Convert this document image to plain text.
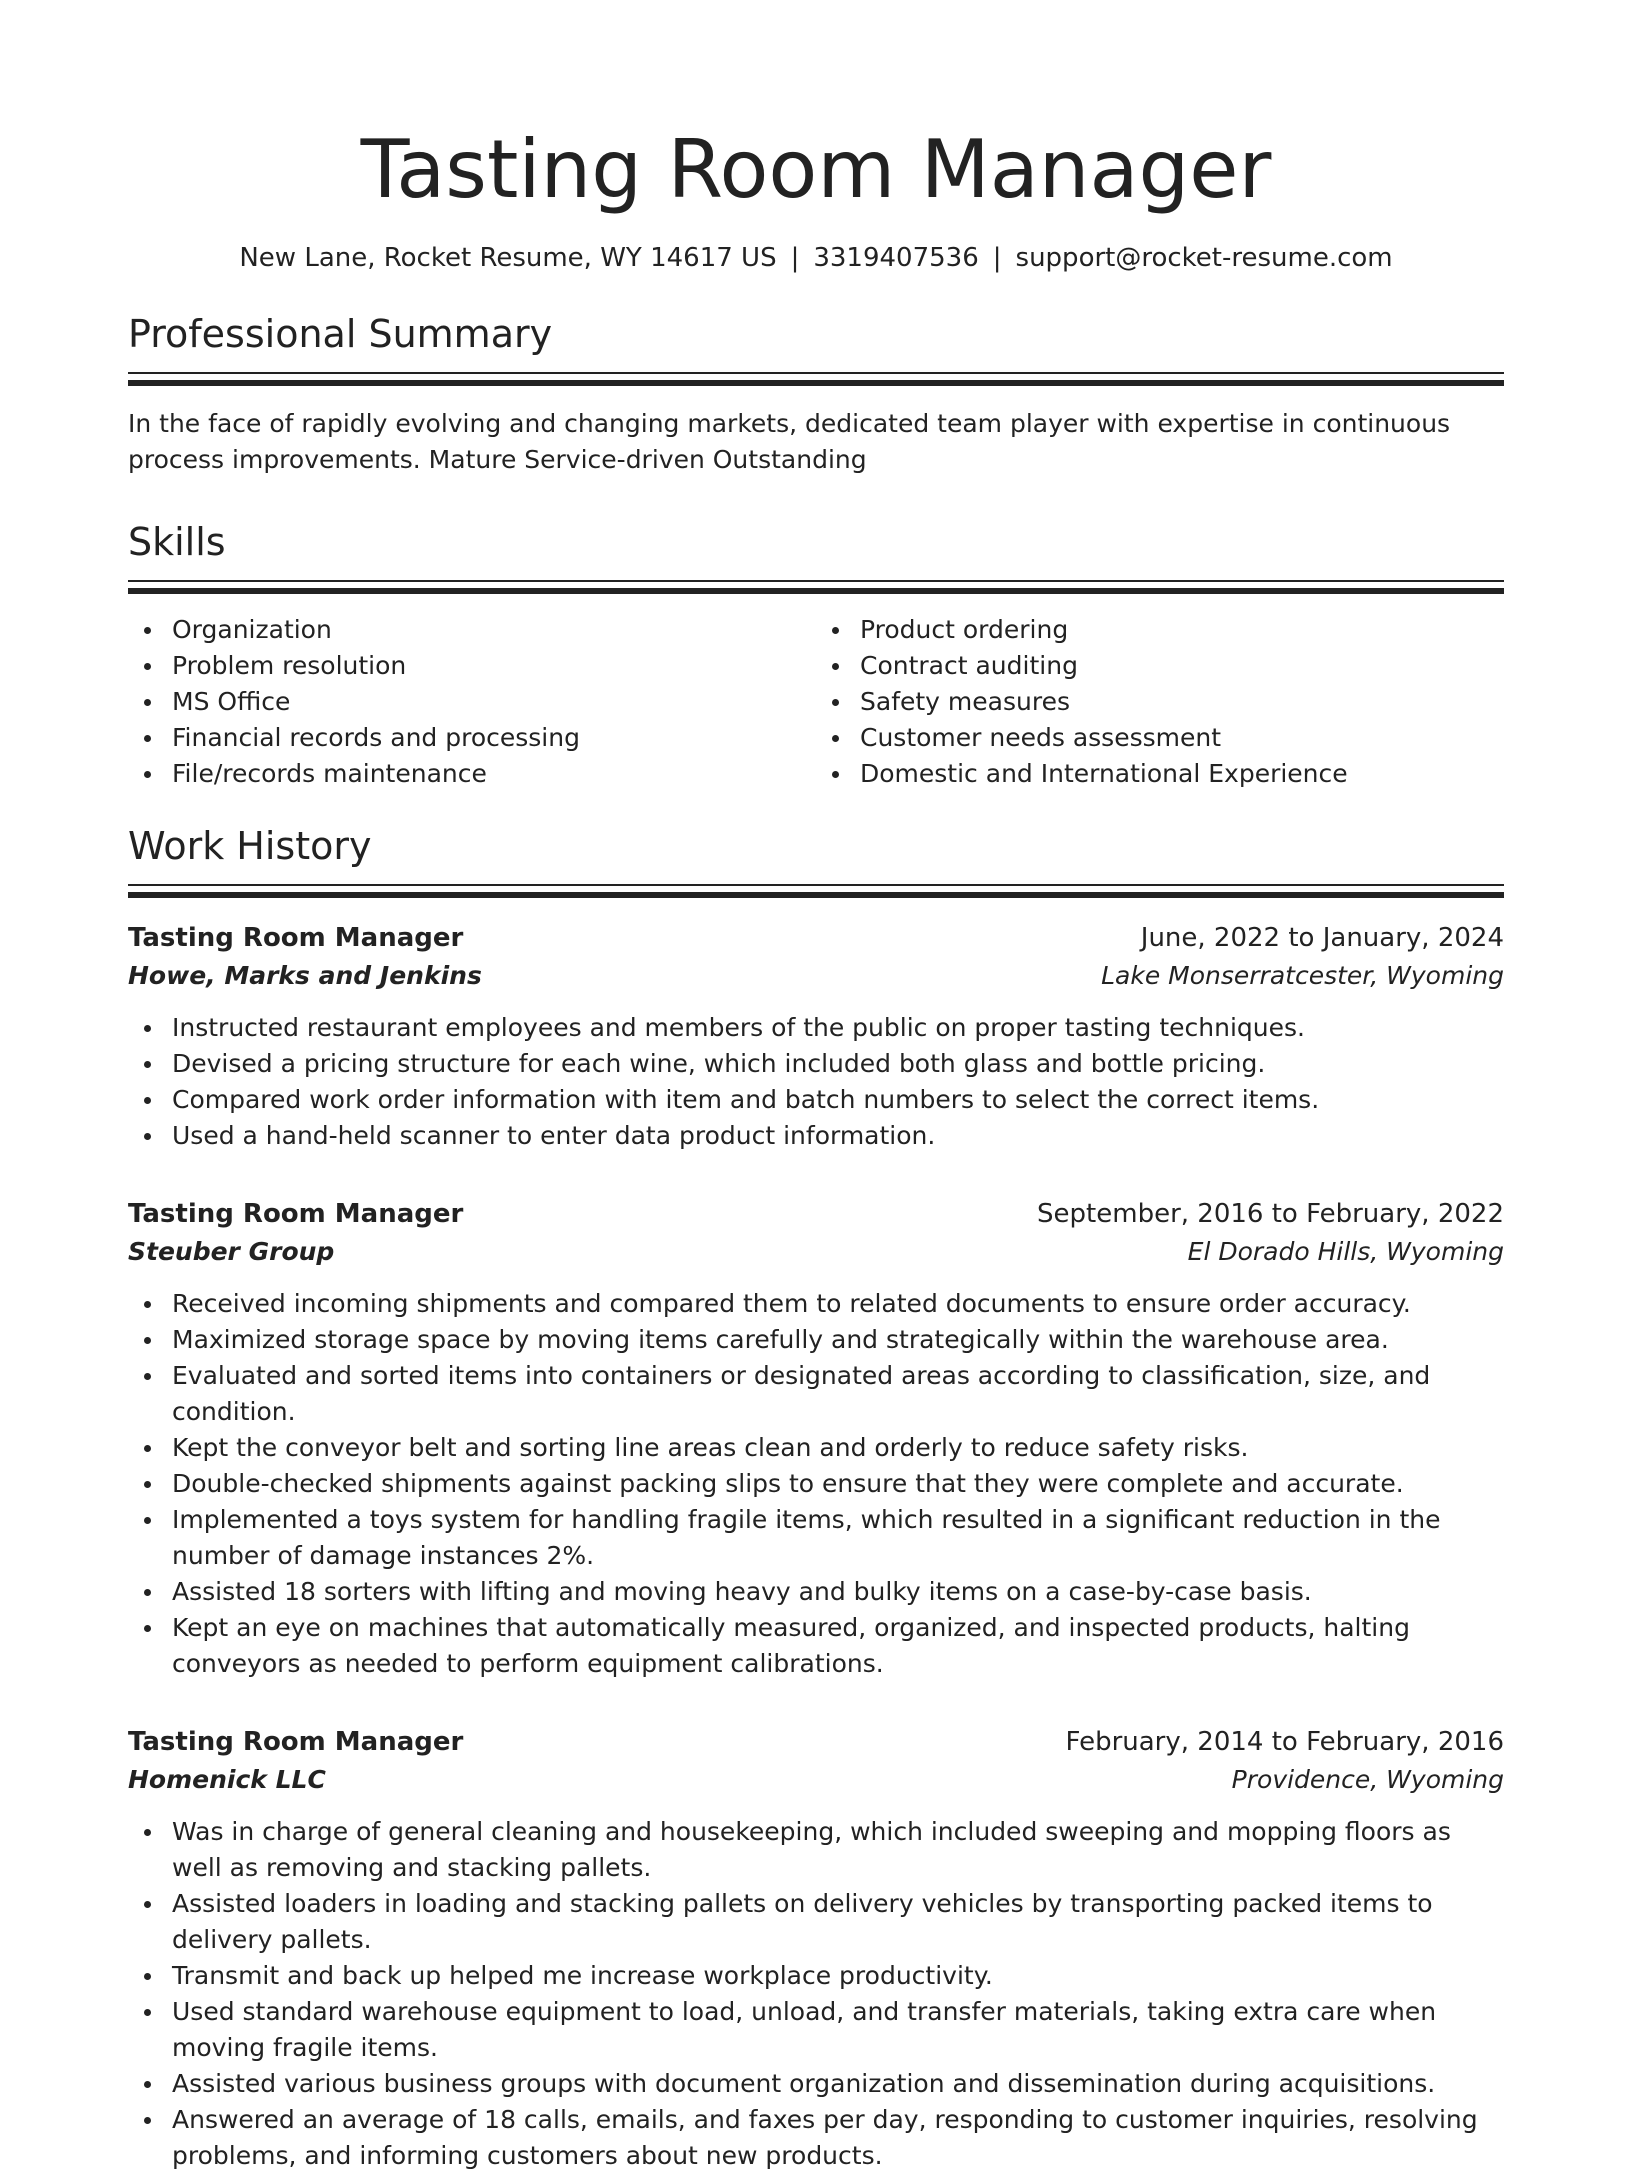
Tasting Room Manager
New Lane, Rocket Resume, WY 14617 US | 3319407536 | support@rocket-resume.com
Professional Summary

In the face of rapidly evolving and changing markets, dedicated team player with expertise in continuous process improvements. Mature Service-driven Outstanding

Skills
Organization
Problem resolution
MS Office
Financial records and processing
File/records maintenance
Product ordering
Contract auditing
Safety measures
Customer needs assessment
Domestic and International Experience
Work History
Tasting Room Manager	June, 2022 to January, 2024
Howe, Marks and Jenkins	Lake Monserratcester, Wyoming
Instructed restaurant employees and members of the public on proper tasting techniques.
Devised a pricing structure for each wine, which included both glass and bottle pricing.
Compared work order information with item and batch numbers to select the correct items.
Used a hand-held scanner to enter data product information.
Tasting Room Manager	September, 2016 to February, 2022
Steuber Group	El Dorado Hills, Wyoming
Received incoming shipments and compared them to related documents to ensure order accuracy.
Maximized storage space by moving items carefully and strategically within the warehouse area.
Evaluated and sorted items into containers or designated areas according to classification, size, and condition.
Kept the conveyor belt and sorting line areas clean and orderly to reduce safety risks.
Double-checked shipments against packing slips to ensure that they were complete and accurate.
Implemented a toys system for handling fragile items, which resulted in a significant reduction in the number of damage instances 2%.
Assisted 18 sorters with lifting and moving heavy and bulky items on a case-by-case basis.
Kept an eye on machines that automatically measured, organized, and inspected products, halting conveyors as needed to perform equipment calibrations.
Tasting Room Manager	February, 2014 to February, 2016
Homenick LLC	Providence, Wyoming
Was in charge of general cleaning and housekeeping, which included sweeping and mopping floors as well as removing and stacking pallets.
Assisted loaders in loading and stacking pallets on delivery vehicles by transporting packed items to delivery pallets.
Transmit and back up helped me increase workplace productivity.
Used standard warehouse equipment to load, unload, and transfer materials, taking extra care when moving fragile items.
Assisted various business groups with document organization and dissemination during acquisitions.
Answered an average of 18 calls, emails, and faxes per day, responding to customer inquiries, resolving problems, and informing customers about new products.
